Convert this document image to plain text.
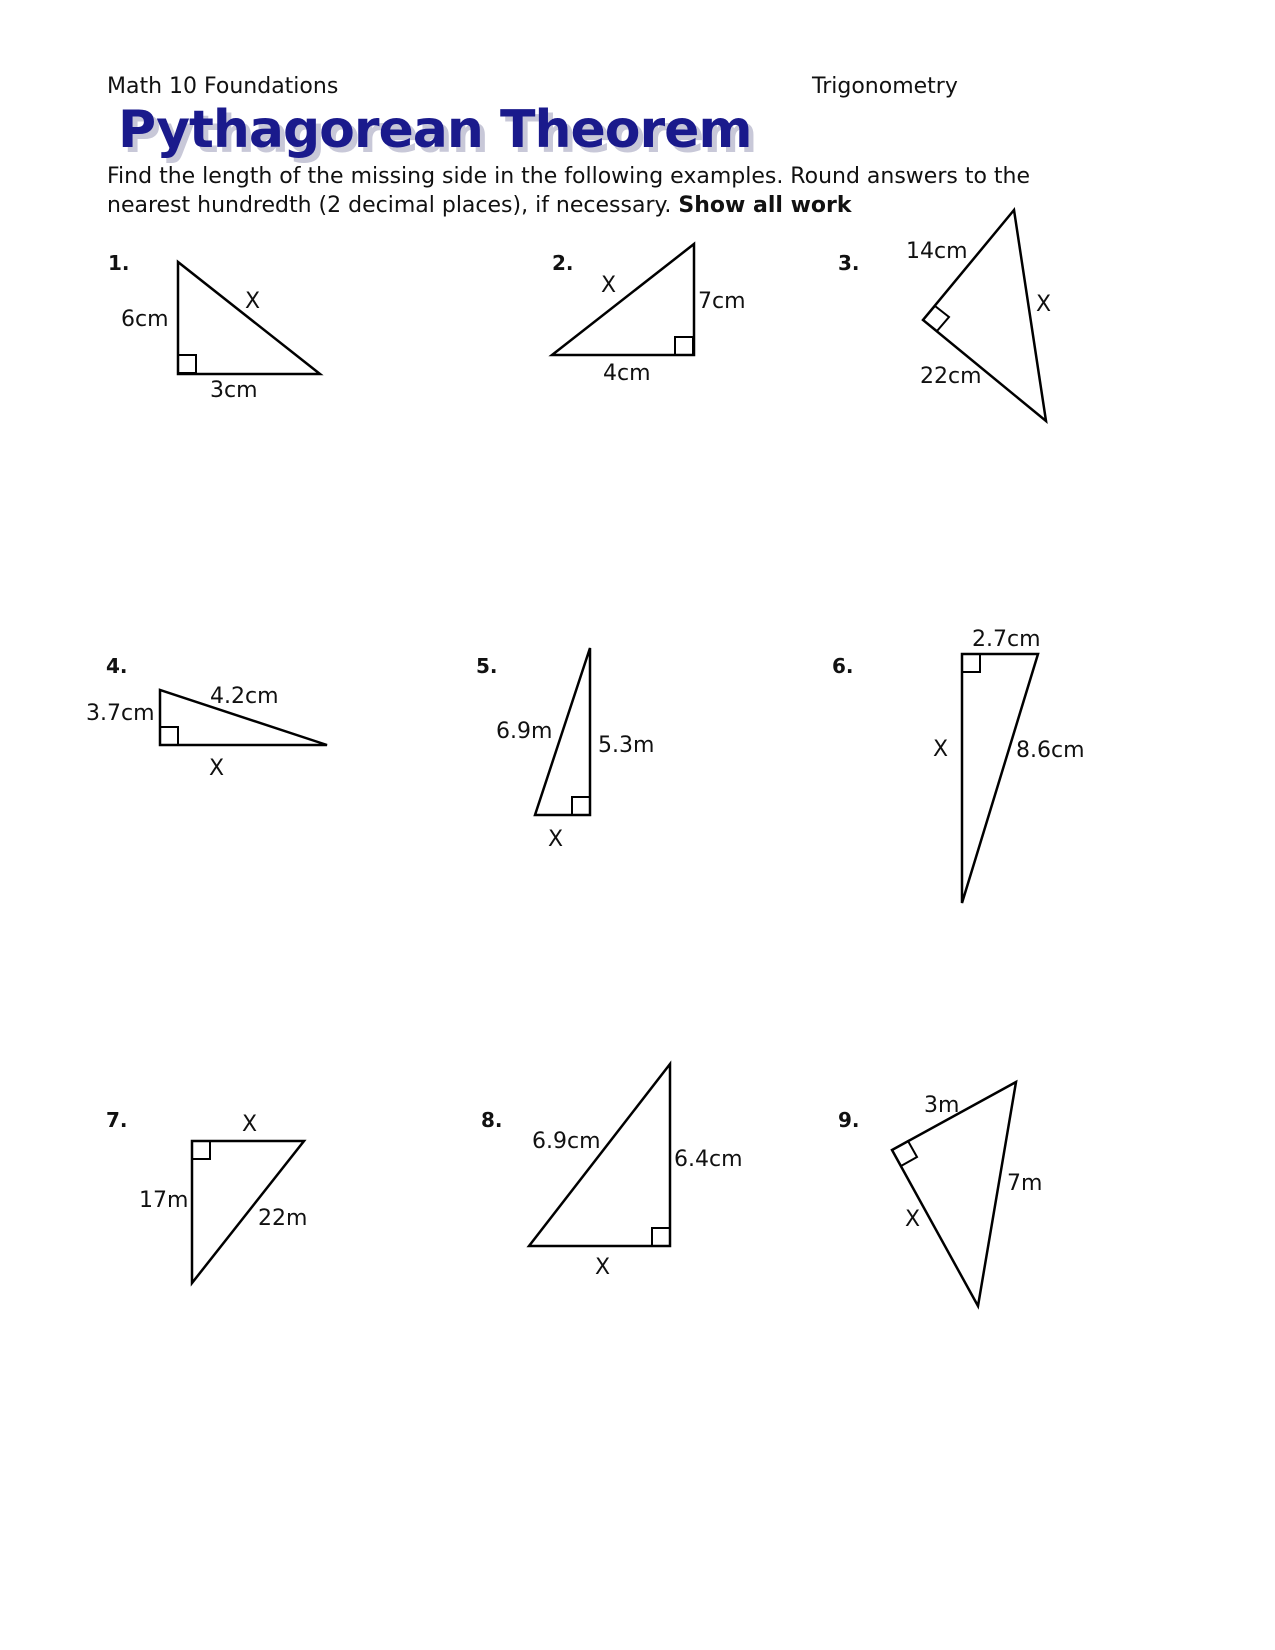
Math 10 Foundations	Trigonometry
Pythagorean Theorem
Find the length of the missing side in the following examples. Round answers to the nearest hundredth (2 decimal places), if necessary. Show all work
1.
6cm
X
3cm
2.
X
7cm
4cm
3. 14cm
X
22cm
4.
3.7cm
4.2cm
X
5.
6.9m
5.3m
X
6.
2.7cm
X	8.6cm
7.	X
17m
22m
8.
6.9cm
6.4cm
X
9.
3m
7m
X
